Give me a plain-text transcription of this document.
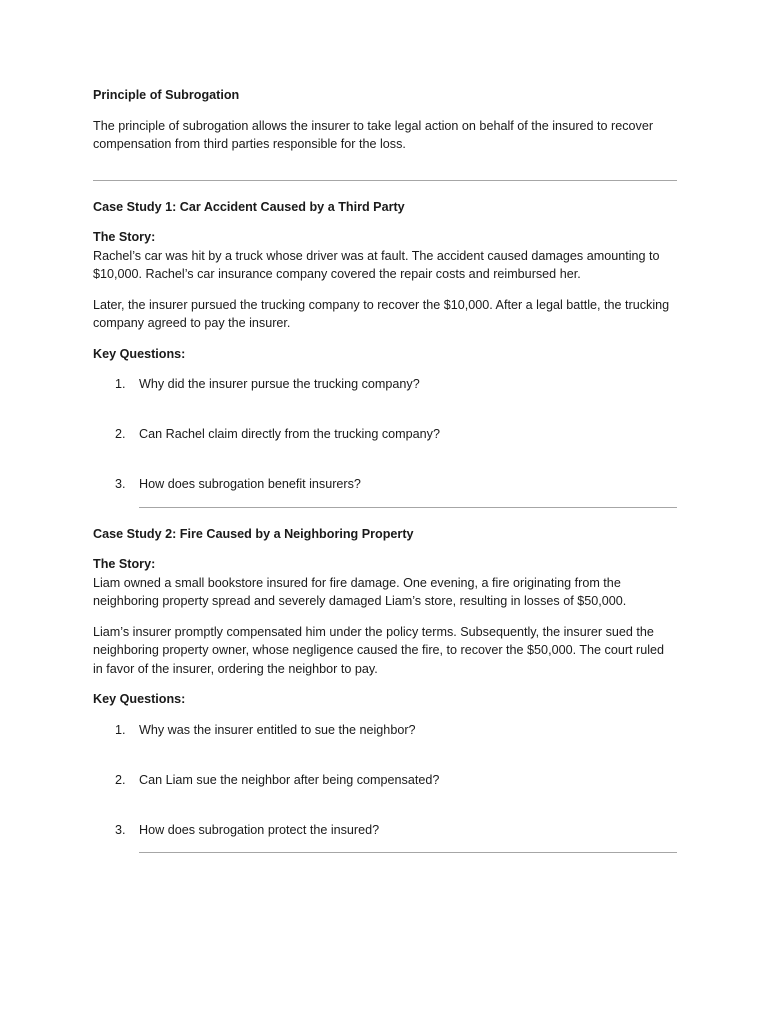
Principle of Subrogation

The principle of subrogation allows the insurer to take legal action on behalf of the insured to recover compensation from third parties responsible for the loss.

Case Study 1: Car Accident Caused by a Third Party

The Story:

Rachel’s car was hit by a truck whose driver was at fault. The accident caused damages amounting to $10,000. Rachel’s car insurance company covered the repair costs and reimbursed her.

Later, the insurer pursued the trucking company to recover the $10,000. After a legal battle, the trucking company agreed to pay the insurer.

Key Questions:

1. Why did the insurer pursue the trucking company?
2. Can Rachel claim directly from the trucking company?
3. How does subrogation benefit insurers?

Case Study 2: Fire Caused by a Neighboring Property

The Story:

Liam owned a small bookstore insured for fire damage. One evening, a fire originating from the neighboring property spread and severely damaged Liam’s store, resulting in losses of $50,000.

Liam’s insurer promptly compensated him under the policy terms. Subsequently, the insurer sued the neighboring property owner, whose negligence caused the fire, to recover the $50,000. The court ruled in favor of the insurer, ordering the neighbor to pay.

Key Questions:

1. Why was the insurer entitled to sue the neighbor?
2. Can Liam sue the neighbor after being compensated?
3. How does subrogation protect the insured?
